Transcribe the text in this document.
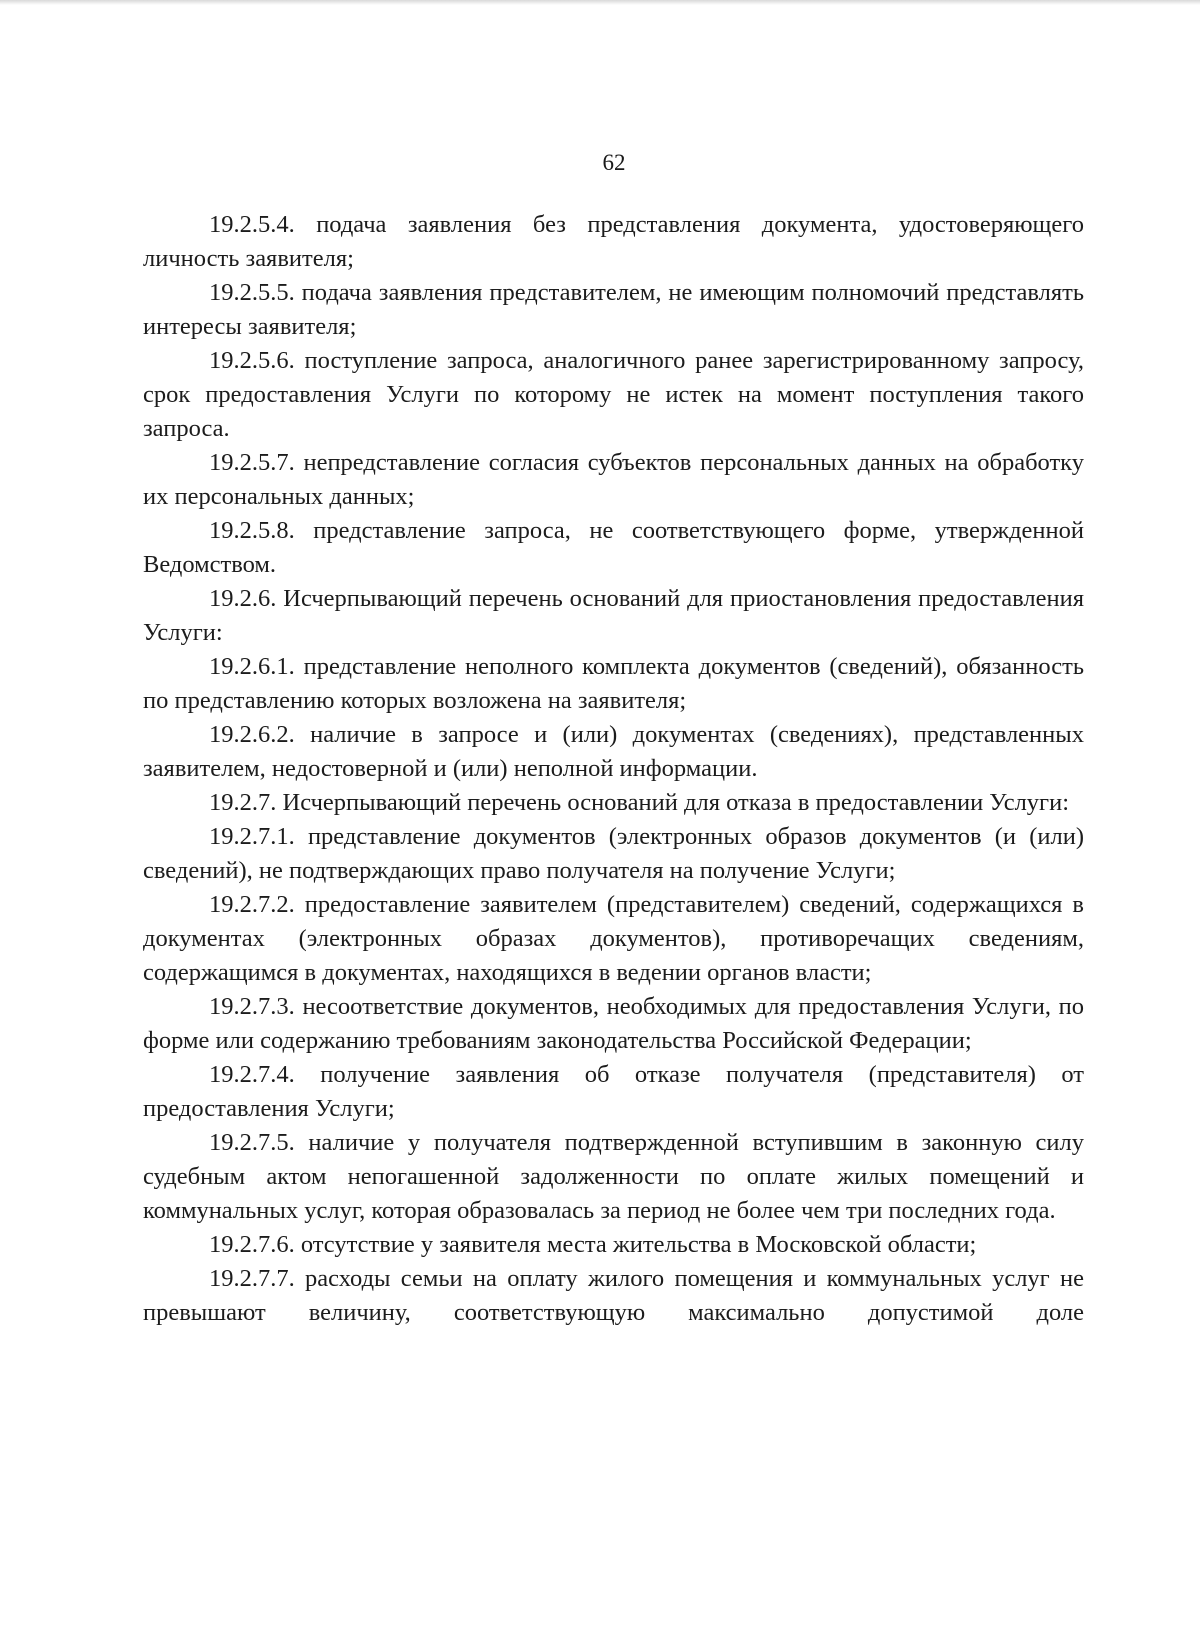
62

19.2.5.4. подача заявления без представления документа, удостоверяющего личность заявителя;

19.2.5.5. подача заявления представителем, не имеющим полномочий представлять интересы заявителя;

19.2.5.6. поступление запроса, аналогичного ранее зарегистрированному запросу, срок предоставления Услуги по которому не истек на момент поступления такого запроса.

19.2.5.7. непредставление согласия субъектов персональных данных на обработку их персональных данных;

19.2.5.8. представление запроса, не соответствующего форме, утвержденной Ведомством.

19.2.6. Исчерпывающий перечень оснований для приостановления предоставления Услуги:

19.2.6.1. представление неполного комплекта документов (сведений), обязанность по представлению которых возложена на заявителя;

19.2.6.2. наличие в запросе и (или) документах (сведениях), представленных заявителем, недостоверной и (или) неполной информации.

19.2.7. Исчерпывающий перечень оснований для отказа в предоставлении Услуги:

19.2.7.1. представление документов (электронных образов документов (и (или) сведений), не подтверждающих право получателя на получение Услуги;

19.2.7.2. предоставление заявителем (представителем) сведений, содержащихся в документах (электронных образах документов), противоречащих сведениям, содержащимся в документах, находящихся в ведении органов власти;

19.2.7.3. несоответствие документов, необходимых для предоставления Услуги, по форме или содержанию требованиям законодательства Российской Федерации;

19.2.7.4. получение заявления об отказе получателя (представителя) от предоставления Услуги;

19.2.7.5. наличие у получателя подтвержденной вступившим в законную силу судебным актом непогашенной задолженности по оплате жилых помещений и коммунальных услуг, которая образовалась за период не более чем три последних года.

19.2.7.6. отсутствие у заявителя места жительства в Московской области;

19.2.7.7. расходы семьи на оплату жилого помещения и коммунальных услуг не превышают величину, соответствующую максимально допустимой доле
